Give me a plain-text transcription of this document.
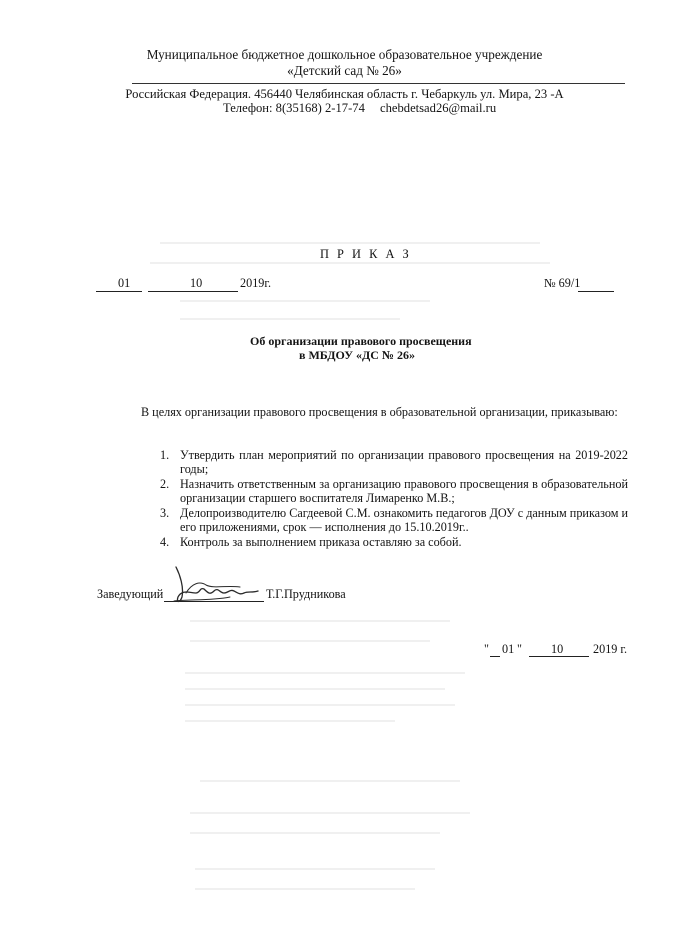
Муниципальное бюджетное дошкольное образовательное учреждение
«Детский сад № 26»
Российская Федерация. 456440 Челябинская область г. Чебаркуль ул. Мира, 23 -А
Телефон: 8(35168) 2-17-74 chebdetsad26@mail.ru
П Р И К А З
01	10	2019г.	№ 69/1
Об организации правового просвещения
в МБДОУ «ДС № 26»
В целях организации правового просвещения в образовательной организации, приказываю:
1. Утвердить план мероприятий по организации правового просвещения на 2019-2022 годы;
2. Назначить ответственным за организацию правового просвещения в образовательной организации старшего воспитателя Лимаренко М.В.;
3. Делопроизводителю Сагдеевой С.М. ознакомить педагогов ДОУ с данным приказом и его приложениями, срок — исполнения до 15.10.2019г..
4. Контроль за выполнением приказа оставляю за собой.
Заведующий	Т.Г.Прудникова
" 01 " 10 2019 г.
